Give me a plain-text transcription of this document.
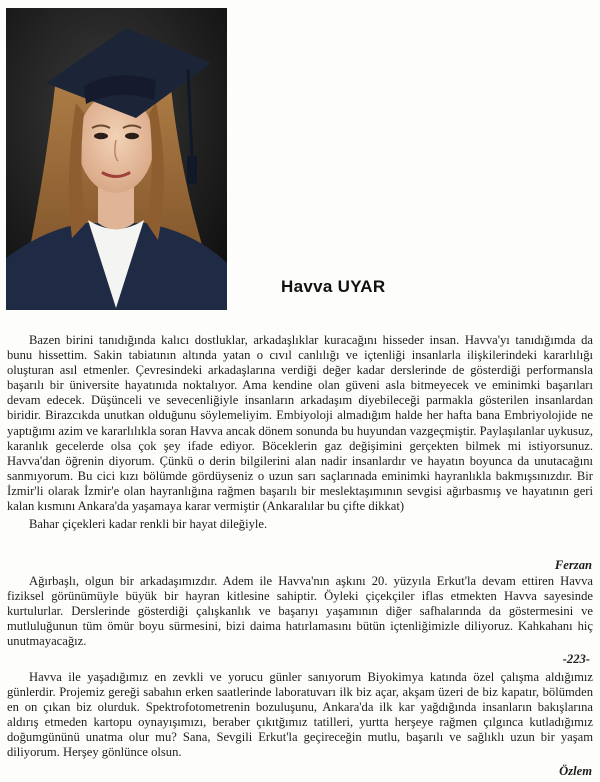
Havva UYAR

Bazen birini tanıdığında kalıcı dostluklar, arkadaşlıklar kuracağını hisseder insan. Havva'yı tanıdığımda da bunu hissettim. Sakin tabiatının altında yatan o cıvıl canlılığı ve içtenliği insanlarla ilişkilerindeki kararlılığı oluşturan asıl etmenler. Çevresindeki arkadaşlarına verdiği değer kadar derslerinde de gösterdiği performansla başarılı bir üniversite hayatınıda noktalıyor. Ama kendine olan güveni asla bitmeyecek ve eminimki başarıları devam edecek. Düşünceli ve sevecenliğiyle insanların arkadaşım diyebileceği parmakla gösterilen insanlardan biridir. Birazcıkda unutkan olduğunu söylemeliyim. Embiyoloji almadığım halde her hafta bana Embriyolojide ne yaptığımı azim ve kararlılıkla soran Havva ancak dönem sonunda bu huyundan vazgeçmiştir. Paylaşılanlar uykusuz, karanlık gecelerde olsa çok şey ifade ediyor. Böceklerin gaz değişimini gerçekten bilmek mi istiyorsunuz. Havva'dan öğrenin diyorum. Çünkü o derin bilgilerini alan nadir insanlardır ve hayatın boyunca da unutacağını sanmıyorum. Bu cici kızı bölümde gördüyseniz o uzun sarı saçlarınada eminimki hayranlıkla bakmışsınızdır. Bir İzmir'li olarak İzmir'e olan hayranlığına rağmen başarılı bir meslektaşımının sevgisi ağırbasmış ve hayatının geri kalan kısmını Ankara'da yaşamaya karar vermiştir (Ankaralılar bu çifte dikkat)

Bahar çiçekleri kadar renkli bir hayat dileğiyle.

Ferzan

Ağırbaşlı, olgun bir arkadaşımızdır. Adem ile Havva'nın aşkını 20. yüzyıla Erkut'la devam ettiren Havva fiziksel görünümüyle büyük bir hayran kitlesine sahiptir. Öyleki çiçekçiler iflas etmekten Havva sayesinde kurtulurlar. Derslerinde gösterdiği çalışkanlık ve başarıyı yaşamının diğer safhalarında da göstermesini ve mutluluğunun tüm ömür boyu sürmesini, bizi daima hatırlamasını bütün içtenliğimizle diliyoruz. Kahkahanı hiç unutmayacağız.

-223-

Havva ile yaşadığımız en zevkli ve yorucu günler sanıyorum Biyokimya katında özel çalışma aldığımız günlerdir. Projemiz gereği sabahın erken saatlerinde laboratuvarı ilk biz açar, akşam üzeri de biz kapatır, bölümden en on çıkan biz olurduk. Spektrofotometrenin bozuluşunu, Ankara'da ilk kar yağdığında insanların bakışlarına aldırış etmeden kartopu oynayışımızı, beraber çıkıtğımız tatilleri, yurtta herşeye rağmen çılgınca kutladığımız doğumgününü unatma olur mu? Sana, Sevgili Erkut'la geçireceğin mutlu, başarılı ve sağlıklı uzun bir yaşam diliyorum. Herşey gönlünce olsun.

Özlem
